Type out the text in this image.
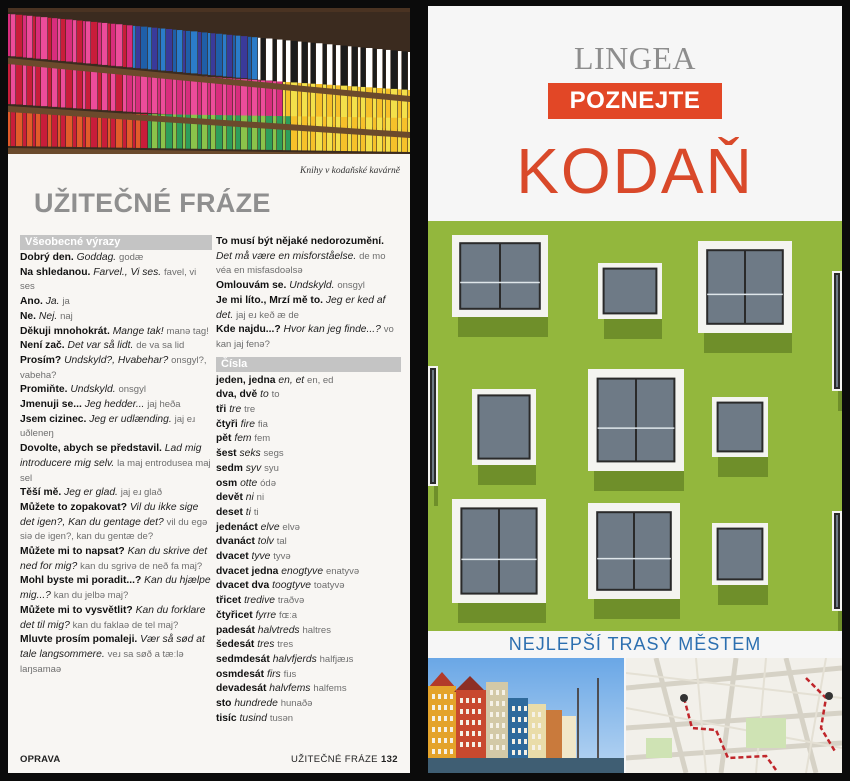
Knihy v kodaňské kavárně
UŽITEČNÉ FRÁZE
Všeobecné výrazy
Dobrý den. Goddag. godæ
Na shledanou. Farvel., Vi ses. favel, vi ses
Ano. Ja. ja
Ne. Nej. naj
Děkuji mnohokrát. Mange tak! manə tag!
Není zač. Det var så lidt. de va sa lid
Prosím? Undskyld?, Hvabehar? onsgyl?, vabeha?
Promiňte. Undskyld. onsgyl
Jmenuji se... Jeg hedder... jaj heða
Jsem cizinec. Jeg er udlænding. jaj eɹ uðleneŋ
Dovolte, abych se představil. Lad mig introducere mig selv. la maj entrodusea maj sel
Těší mě. Jeg er glad. jaj eɹ glað
Můžete to zopakovat? Vil du ikke sige det igen?, Kan du gentage det? vil du egə siə de igen?, kan du gentæ de?
Můžete mi to napsat? Kan du skrive det ned for mig? kan du sgrivə de neð fa maj?
Mohl byste mi poradit...? Kan du hjælpe mig...? kan du jelbə maj?
Můžete mi to vysvětlit? Kan du forklare det til mig? kan du faklaə de tel maj?
Mluvte prosím pomaleji. Vær så sød at tale langsommere. veɹ sa søð a tæːlə laŋsamaə
To musí být nějaké nedorozumění. Det må være en misforståelse. de mo véa en misfasdoəlsə
Omlouvám se. Undskyld. onsgyl
Je mi líto., Mrzí mě to. Jeg er ked af det. jaj eɹ keð æ de
Kde najdu...? Hvor kan jeg finde...? vo kan jaj fenə?
Čísla
jeden, jedna en, et en, ed
dva, dvě to to
tři tre tre
čtyři fire fia
pět fem fem
šest seks segs
sedm syv syu
osm otte ódə
devět ni ni
deset ti ti
jedenáct elve elvə
dvanáct tolv tal
dvacet tyve tyvə
dvacet jedna enogtyve enatyvə
dvacet dva toogtyve toatyvə
třicet tredive traðvə
čtyřicet fyrre fɶːa
padesát halvtreds haltres
šedesát tres tres
sedmdesát halvfjerds halfjæɹs
osmdesát firs fiɹs
devadesát halvfems halfems
sto hundrede hunaðə
tisíc tusind tusən
OPRAVA	UŽITEČNÉ FRÁZE 132
LINGEA
POZNEJTE
KODAŇ
NEJLEPŠÍ TRASY MĚSTEM
